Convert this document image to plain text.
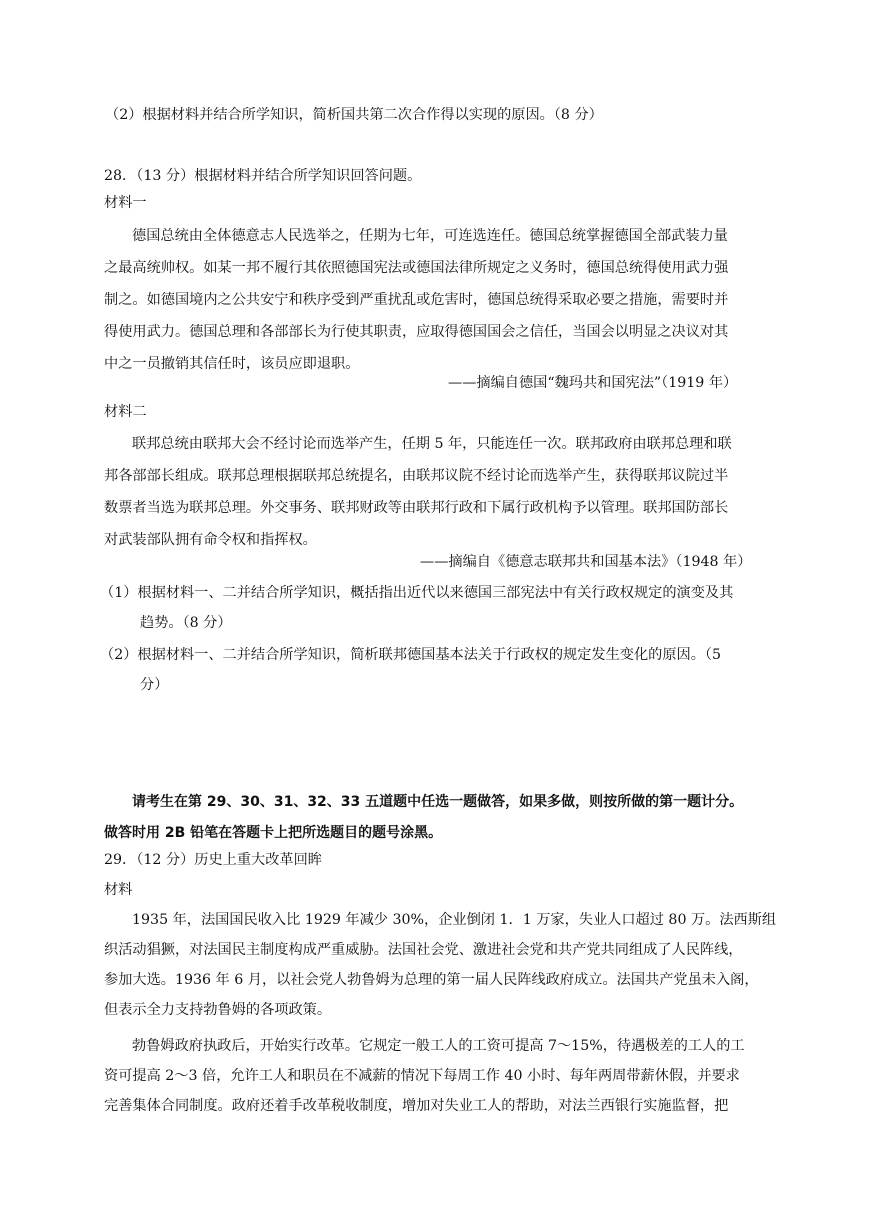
（2）根据材料并结合所学知识，简析国共第二次合作得以实现的原因。（8 分）
28．（13 分）根据材料并结合所学知识回答问题。
材料一
德国总统由全体德意志人民选举之，任期为七年，可连选连任。德国总统掌握德国全部武装力量
之最高统帅权。如某一邦不履行其依照德国宪法或德国法律所规定之义务时，德国总统得使用武力强
制之。如德国境内之公共安宁和秩序受到严重扰乱或危害时，德国总统得采取必要之措施，需要时并
得使用武力。德国总理和各部部长为行使其职责，应取得德国国会之信任，当国会以明显之决议对其
中之一员撤销其信任时，该员应即退职。
——摘编自德国“魏玛共和国宪法”（1919 年）
材料二
联邦总统由联邦大会不经讨论而选举产生，任期 5 年，只能连任一次。联邦政府由联邦总理和联
邦各部部长组成。联邦总理根据联邦总统提名，由联邦议院不经讨论而选举产生，获得联邦议院过半
数票者当选为联邦总理。外交事务、联邦财政等由联邦行政和下属行政机构予以管理。联邦国防部长
对武装部队拥有命令权和指挥权。
——摘编自《德意志联邦共和国基本法》（1948 年）
（1）根据材料一、二并结合所学知识，概括指出近代以来德国三部宪法中有关行政权规定的演变及其
趋势。（8 分）
（2）根据材料一、二并结合所学知识，简析联邦德国基本法关于行政权的规定发生变化的原因。（5
分）
请考生在第 29、30、31、32、33 五道题中任选一题做答，如果多做，则按所做的第一题计分。
做答时用 2B 铅笔在答题卡上把所选题目的题号涂黑。
29．（12 分）历史上重大改革回眸
材料
1935 年，法国国民收入比 1929 年减少 30%，企业倒闭 1．1 万家，失业人口超过 80 万。法西斯组
织活动猖獗，对法国民主制度构成严重威胁。法国社会党、激进社会党和共产党共同组成了人民阵线，
参加大选。1936 年 6 月，以社会党人勃鲁姆为总理的第一届人民阵线政府成立。法国共产党虽未入阁，
但表示全力支持勃鲁姆的各项政策。
勃鲁姆政府执政后，开始实行改革。它规定一般工人的工资可提高 7～15%，待遇极差的工人的工
资可提高 2～3 倍，允许工人和职员在不减薪的情况下每周工作 40 小时、每年两周带薪休假，并要求
完善集体合同制度。政府还着手改革税收制度，增加对失业工人的帮助，对法兰西银行实施监督，把
